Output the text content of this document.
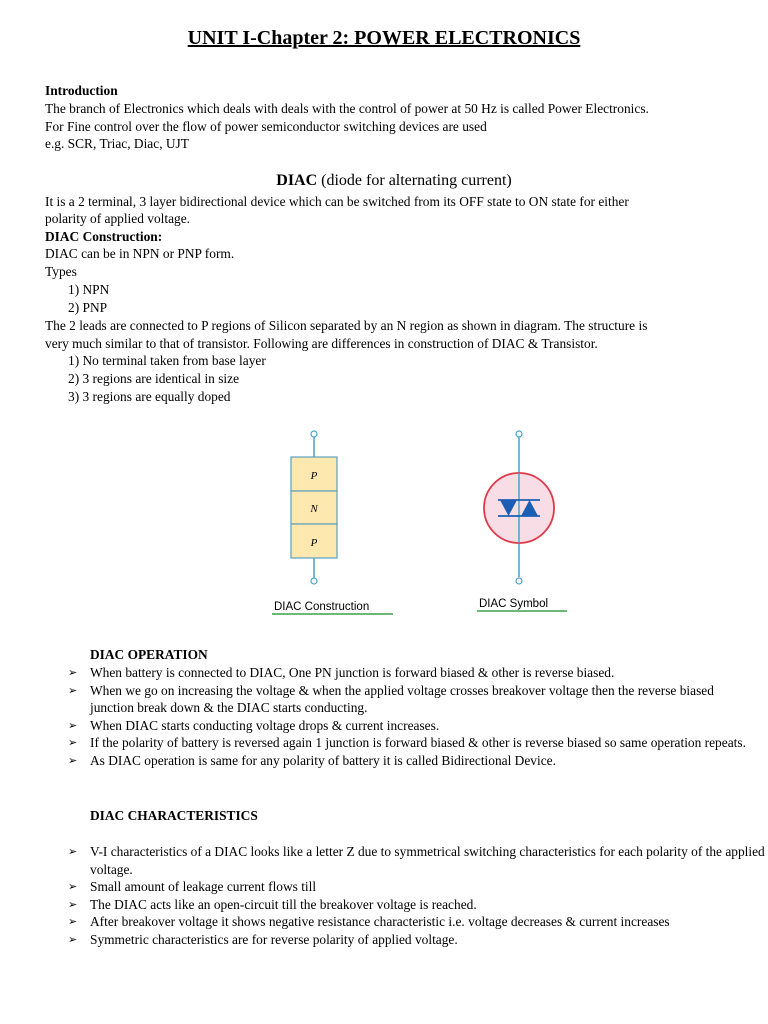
UNIT I-Chapter 2: POWER ELECTRONICS
Introduction
The branch of Electronics which deals with deals with the control of power at 50 Hz is called Power Electronics.
For Fine control over the flow of power semiconductor switching devices are used
e.g. SCR, Triac, Diac, UJT
DIAC (diode for alternating current)
It is a 2 terminal, 3 layer bidirectional device which can be switched from its OFF state to ON state for either
polarity of applied voltage.
DIAC Construction:
DIAC can be in NPN or PNP form.
Types
1) NPN
2) PNP
The 2 leads are connected to P regions of Silicon separated by an N region as shown in diagram. The structure is
very much similar to that of transistor. Following are differences in construction of DIAC & Transistor.
1) No terminal taken from base layer
2) 3 regions are identical in size
3) 3 regions are equally doped
P
N
P
DIAC Construction	DIAC Symbol
DIAC OPERATION
➢ When battery is connected to DIAC, One PN junction is forward biased & other is reverse biased.
➢ When we go on increasing the voltage & when the applied voltage crosses breakover voltage then the reverse biased junction break down & the DIAC starts conducting.
➢ When DIAC starts conducting voltage drops & current increases.
➢ If the polarity of battery is reversed again 1 junction is forward biased & other is reverse biased so same operation repeats.
➢ As DIAC operation is same for any polarity of battery it is called Bidirectional Device.
DIAC CHARACTERISTICS
➢ V-I characteristics of a DIAC looks like a letter Z due to symmetrical switching characteristics for each polarity of the applied voltage.
➢ Small amount of leakage current flows till
➢ The DIAC acts like an open-circuit till the breakover voltage is reached.
➢ After breakover voltage it shows negative resistance characteristic i.e. voltage decreases & current increases
➢ Symmetric characteristics are for reverse polarity of applied voltage.
